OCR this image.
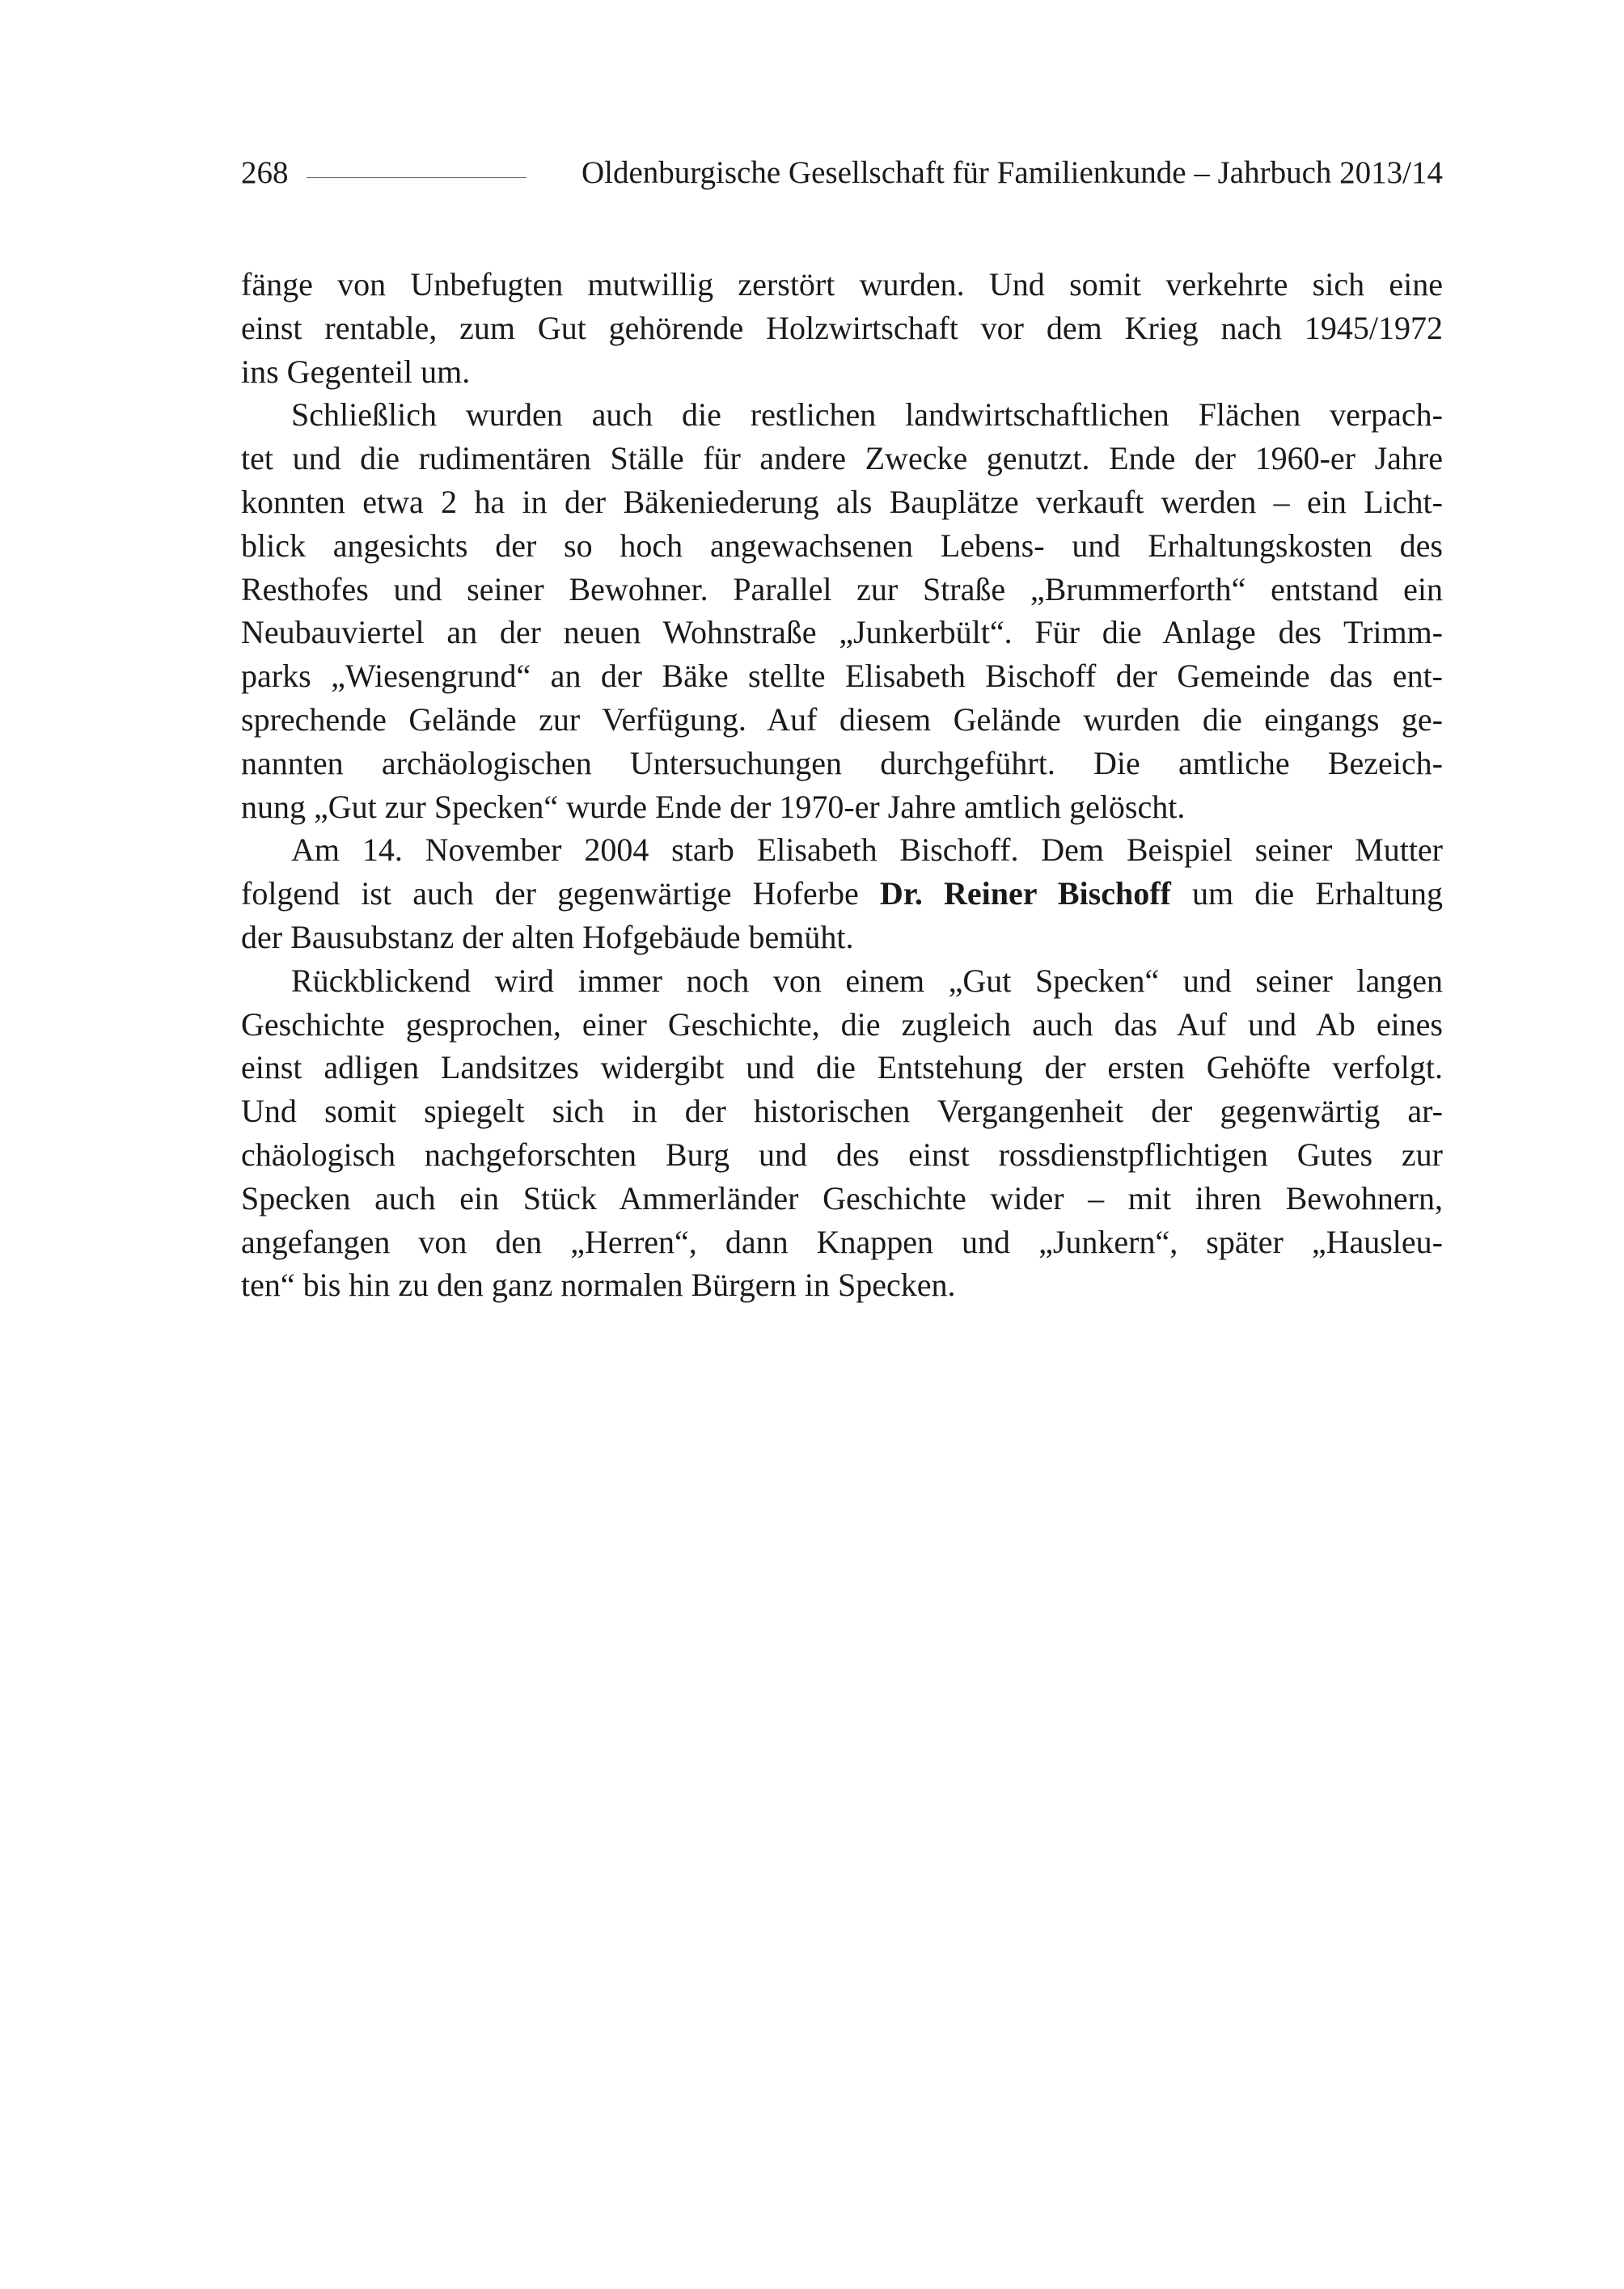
268	Oldenburgische Gesellschaft für Familienkunde – Jahrbuch 2013/14

fänge von Unbefugten mutwillig zerstört wurden. Und somit verkehrte sich eine
einst rentable, zum Gut gehörende Holzwirtschaft vor dem Krieg nach 1945/1972
ins Gegenteil um.

Schließlich wurden auch die restlichen landwirtschaftlichen Flächen verpach-
tet und die rudimentären Ställe für andere Zwecke genutzt. Ende der 1960-er Jahre
konnten etwa 2 ha in der Bäkeniederung als Bauplätze verkauft werden – ein Licht-
blick angesichts der so hoch angewachsenen Lebens- und Erhaltungskosten des
Resthofes und seiner Bewohner. Parallel zur Straße „Brummerforth“ entstand ein
Neubauviertel an der neuen Wohnstraße „Junkerbült“. Für die Anlage des Trimm-
parks „Wiesengrund“ an der Bäke stellte Elisabeth Bischoff der Gemeinde das ent-
sprechende Gelände zur Verfügung. Auf diesem Gelände wurden die eingangs ge-
nannten archäologischen Untersuchungen durchgeführt. Die amtliche Bezeich-
nung „Gut zur Specken“ wurde Ende der 1970-er Jahre amtlich gelöscht.

Am 14. November 2004 starb Elisabeth Bischoff. Dem Beispiel seiner Mutter
folgend ist auch der gegenwärtige Hoferbe Dr. Reiner Bischoff um die Erhaltung
der Bausubstanz der alten Hofgebäude bemüht.

Rückblickend wird immer noch von einem „Gut Specken“ und seiner langen
Geschichte gesprochen, einer Geschichte, die zugleich auch das Auf und Ab eines
einst adligen Landsitzes widergibt und die Entstehung der ersten Gehöfte verfolgt.
Und somit spiegelt sich in der historischen Vergangenheit der gegenwärtig ar-
chäologisch nachgeforschten Burg und des einst rossdienstpflichtigen Gutes zur
Specken auch ein Stück Ammerländer Geschichte wider – mit ihren Bewohnern,
angefangen von den „Herren“, dann Knappen und „Junkern“, später „Hausleu-
ten“ bis hin zu den ganz normalen Bürgern in Specken.
